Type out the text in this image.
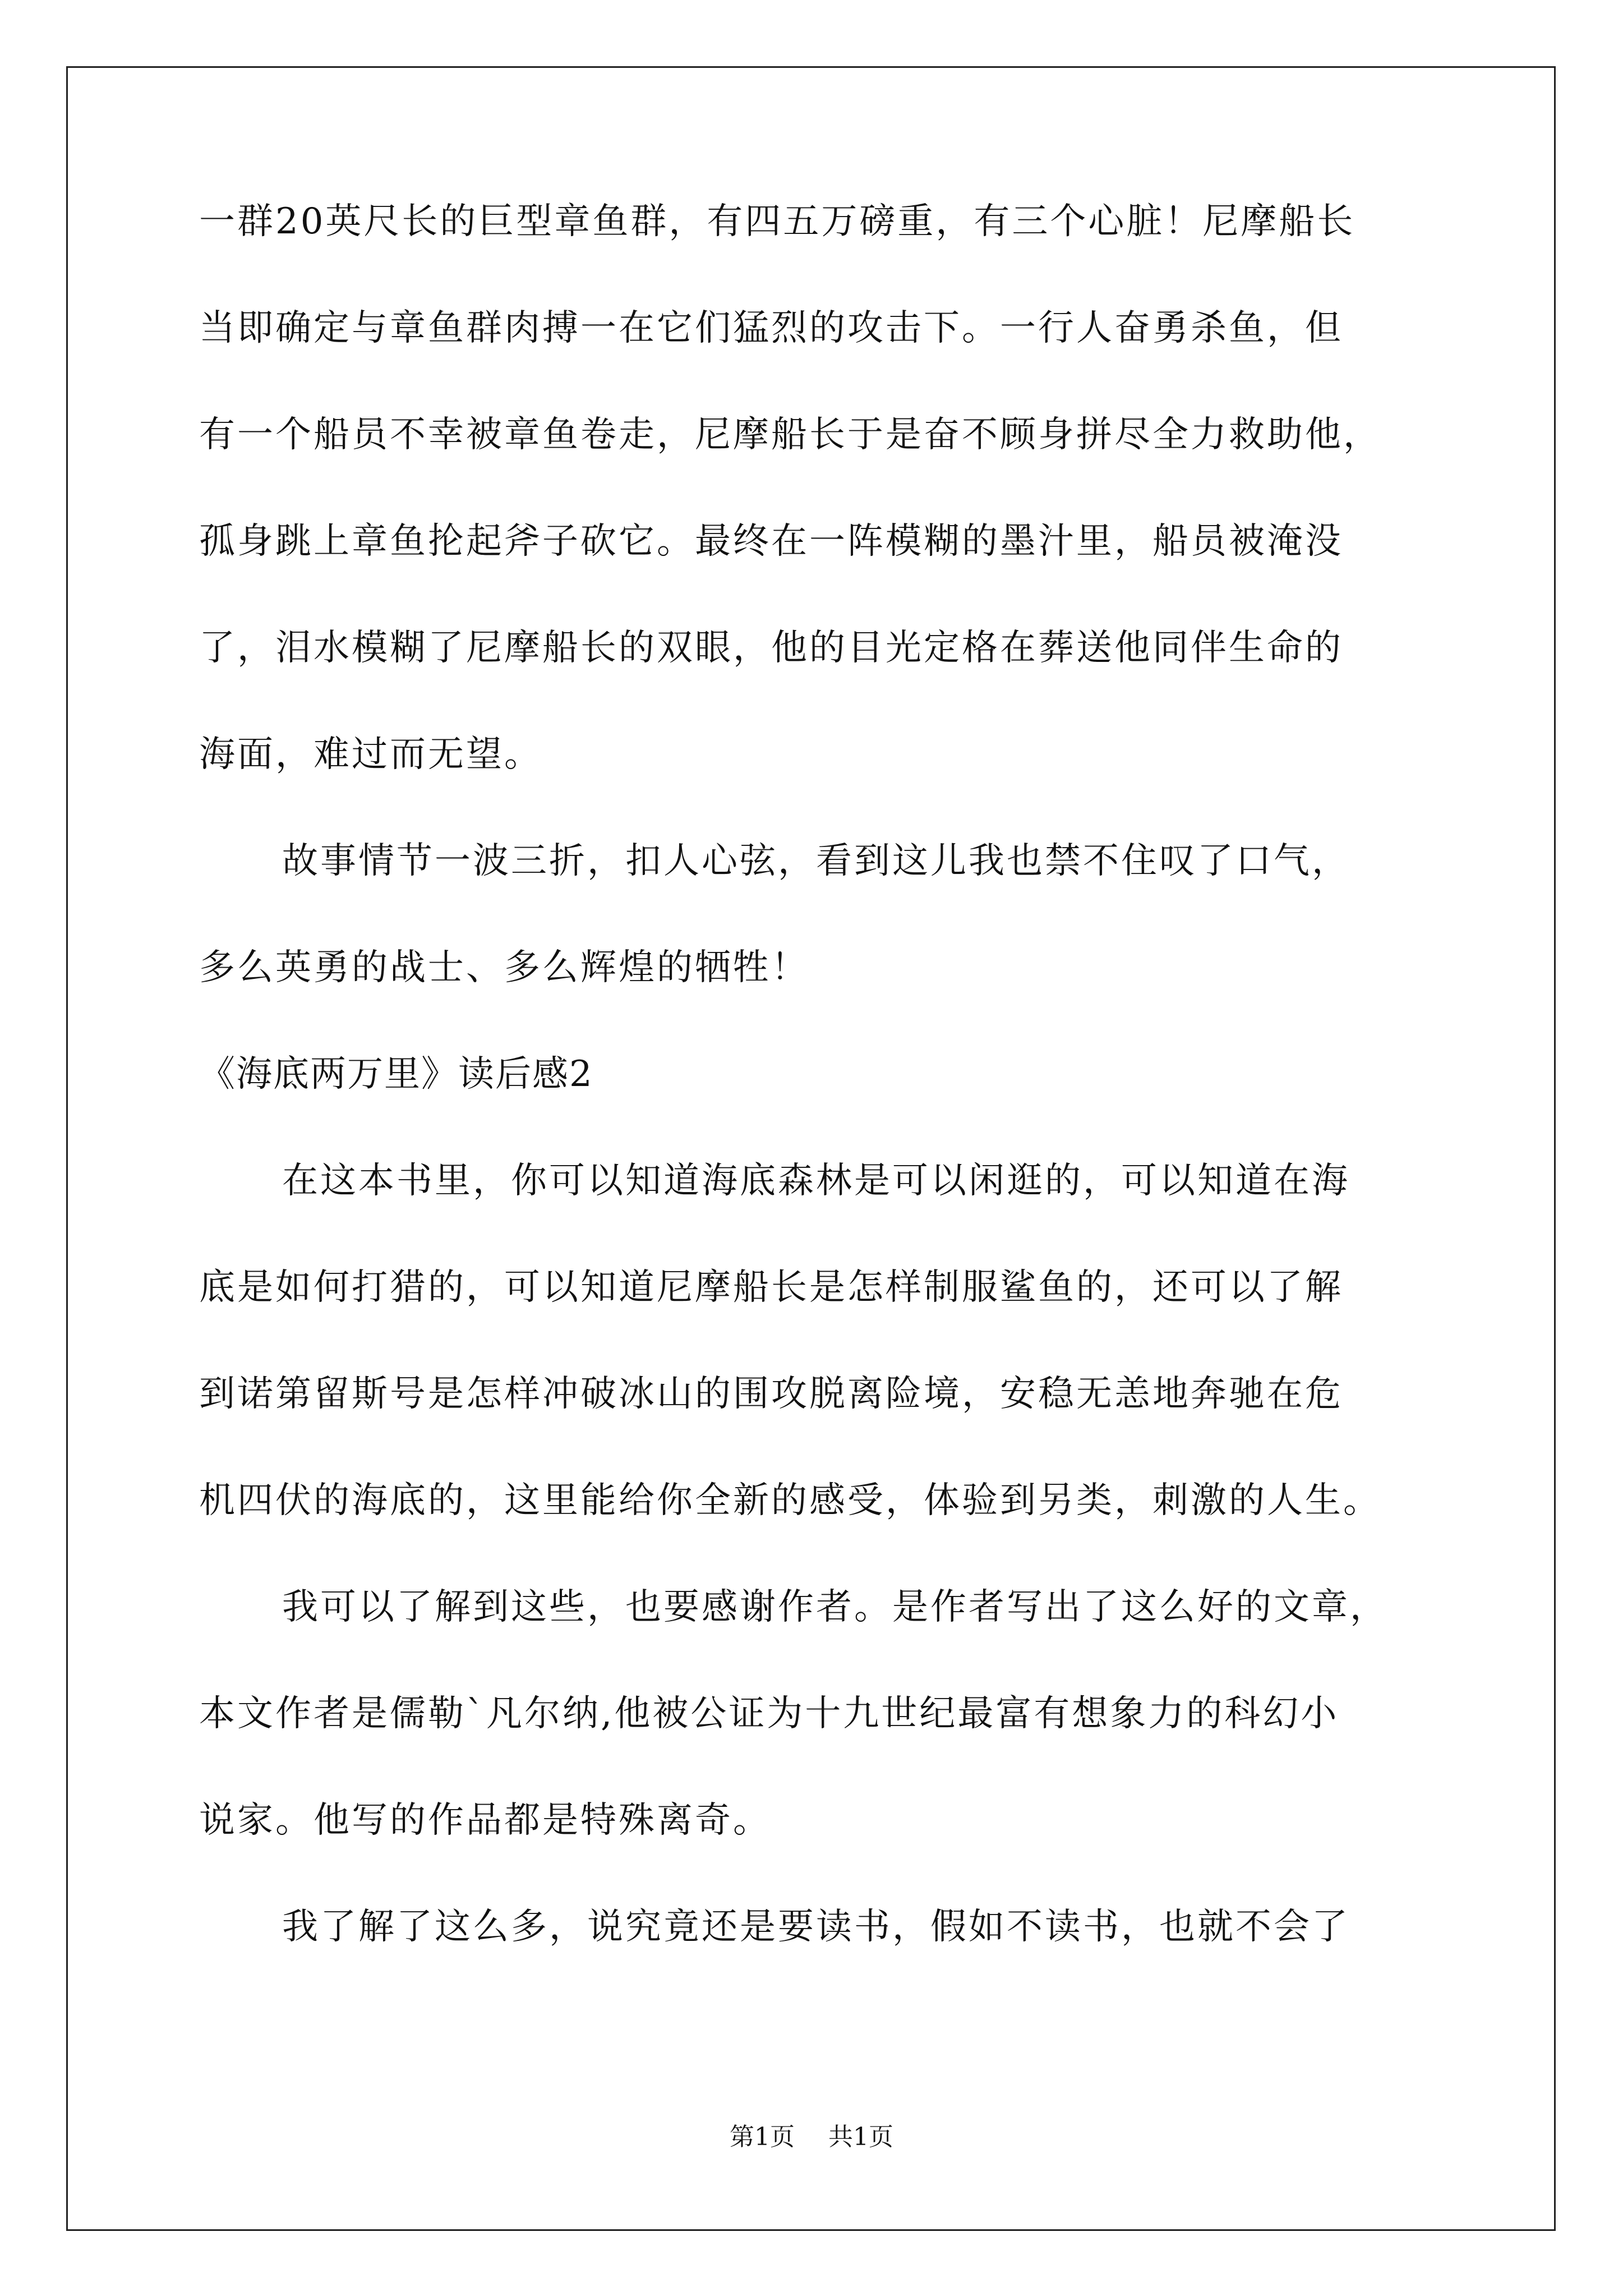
一群20英尺长的巨型章鱼群，有四五万磅重，有三个心脏！尼摩船长

当即确定与章鱼群肉搏一在它们猛烈的攻击下。一行人奋勇杀鱼，但

有一个船员不幸被章鱼卷走，尼摩船长于是奋不顾身拼尽全力救助他，

孤身跳上章鱼抡起斧子砍它。最终在一阵模糊的墨汁里，船员被淹没

了，泪水模糊了尼摩船长的双眼，他的目光定格在葬送他同伴生命的

海面，难过而无望。

故事情节一波三折，扣人心弦，看到这儿我也禁不住叹了口气，

多么英勇的战士、多么辉煌的牺牲！

《海底两万里》读后感2

在这本书里，你可以知道海底森林是可以闲逛的，可以知道在海

底是如何打猎的，可以知道尼摩船长是怎样制服鲨鱼的，还可以了解

到诺第留斯号是怎样冲破冰山的围攻脱离险境，安稳无恙地奔驰在危

机四伏的海底的，这里能给你全新的感受，体验到另类，刺激的人生。

我可以了解到这些，也要感谢作者。是作者写出了这么好的文章，

本文作者是儒勒`凡尔纳,他被公证为十九世纪最富有想象力的科幻小

说家。他写的作品都是特殊离奇。

我了解了这么多，说究竟还是要读书，假如不读书，也就不会了

第1页 共1页
